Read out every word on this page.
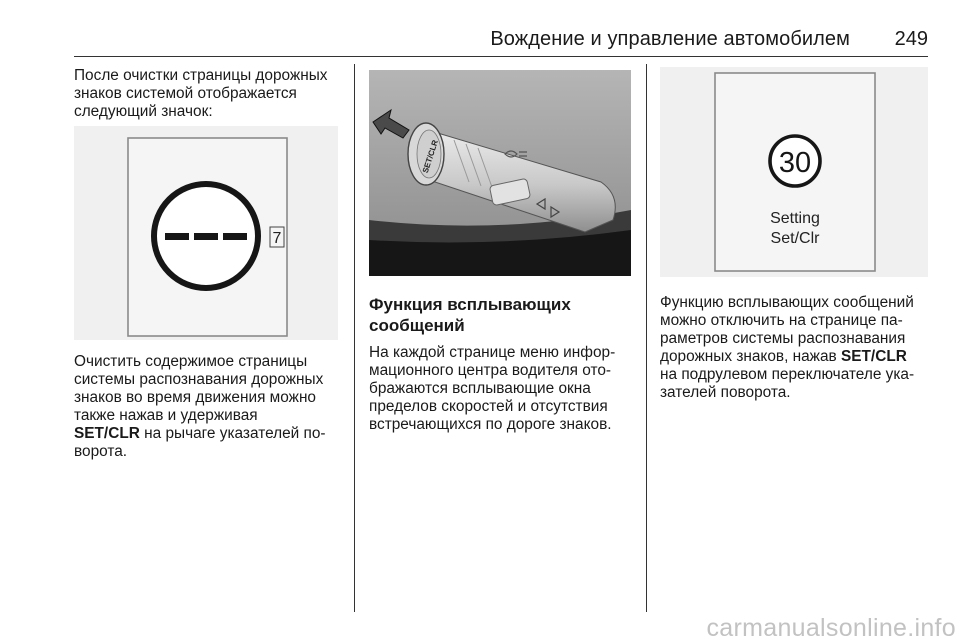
Вождение и управление автомобилем	249

После очистки страницы дорожных
знаков системой отображается
следующий значок:

7

Очистить содержимое страницы
системы распознавания дорожных
знаков во время движения можно
также нажав и удерживая
SET/CLR на рычаге указателей по-
ворота.

SET/CLR

Функция всплывающих
сообщений

На каждой странице меню инфор-
мационного центра водителя ото-
бражаются всплывающие окна
пределов скоростей и отсутствия
встречающихся по дороге знаков.

30
Setting
Set/Clr

Функцию всплывающих сообщений
можно отключить на странице па-
раметров системы распознавания
дорожных знаков, нажав SET/CLR
на подрулевом переключателе ука-
зателей поворота.

carmanualsonline.info
